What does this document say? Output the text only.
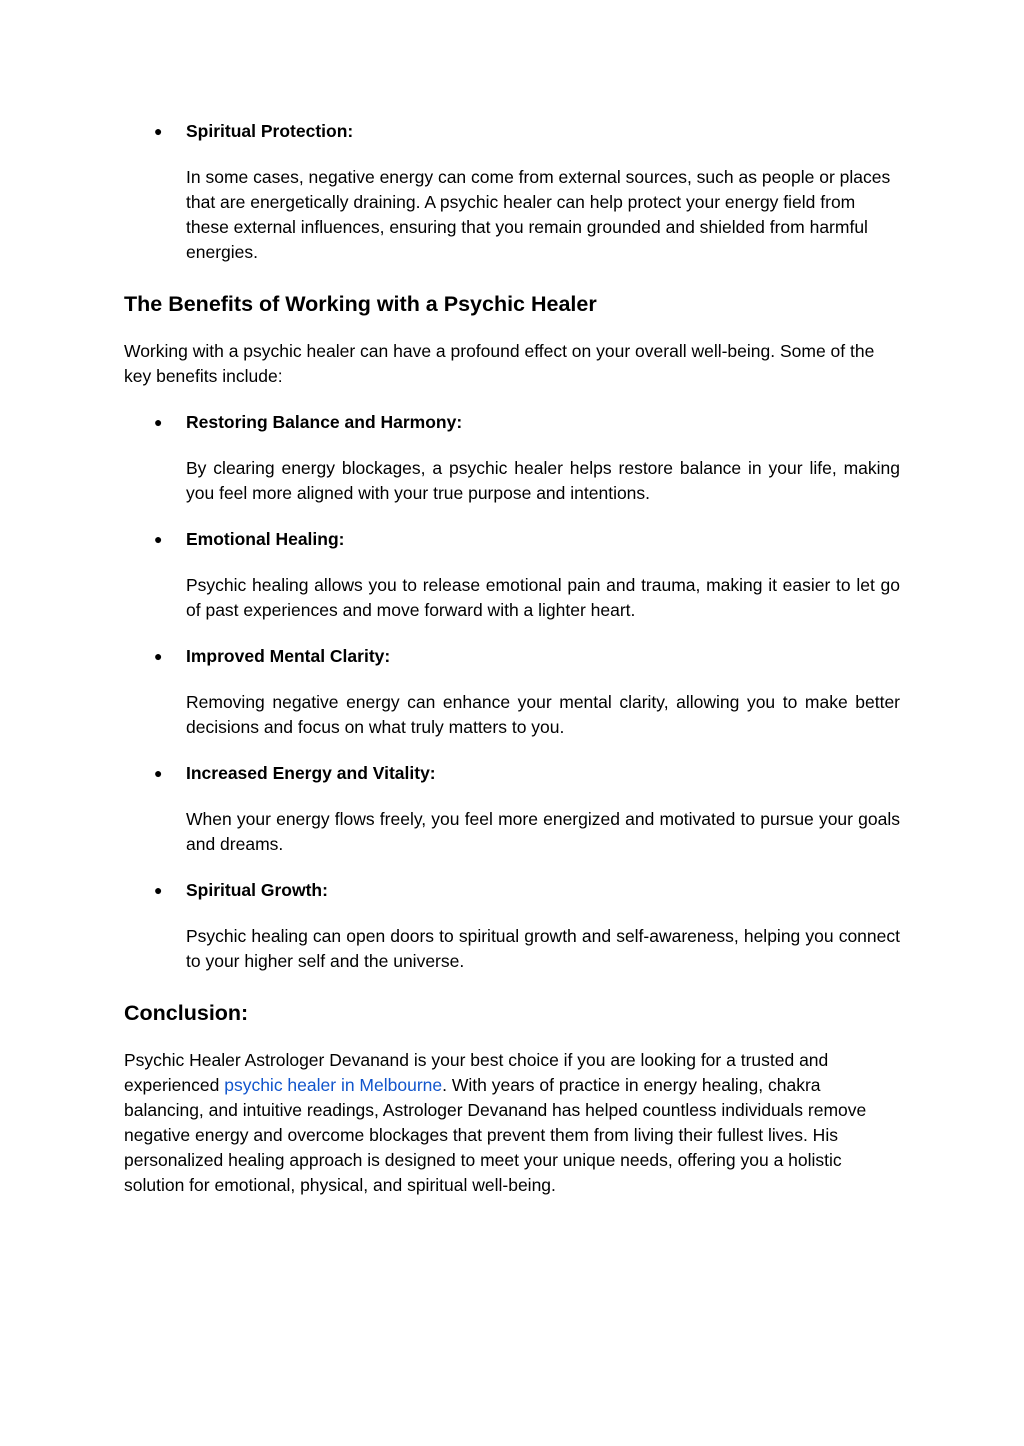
● Spiritual Protection:

In some cases, negative energy can come from external sources, such as people or places that are energetically draining. A psychic healer can help protect your energy field from these external influences, ensuring that you remain grounded and shielded from harmful energies.

The Benefits of Working with a Psychic Healer

Working with a psychic healer can have a profound effect on your overall well-being. Some of the key benefits include:

● Restoring Balance and Harmony:

By clearing energy blockages, a psychic healer helps restore balance in your life, making you feel more aligned with your true purpose and intentions.

● Emotional Healing:

Psychic healing allows you to release emotional pain and trauma, making it easier to let go of past experiences and move forward with a lighter heart.

● Improved Mental Clarity:

Removing negative energy can enhance your mental clarity, allowing you to make better decisions and focus on what truly matters to you.

● Increased Energy and Vitality:

When your energy flows freely, you feel more energized and motivated to pursue your goals and dreams.

● Spiritual Growth:

Psychic healing can open doors to spiritual growth and self-awareness, helping you connect to your higher self and the universe.

Conclusion:

Psychic Healer Astrologer Devanand is your best choice if you are looking for a trusted and experienced psychic healer in Melbourne. With years of practice in energy healing, chakra balancing, and intuitive readings, Astrologer Devanand has helped countless individuals remove negative energy and overcome blockages that prevent them from living their fullest lives. His personalized healing approach is designed to meet your unique needs, offering you a holistic solution for emotional, physical, and spiritual well-being.
